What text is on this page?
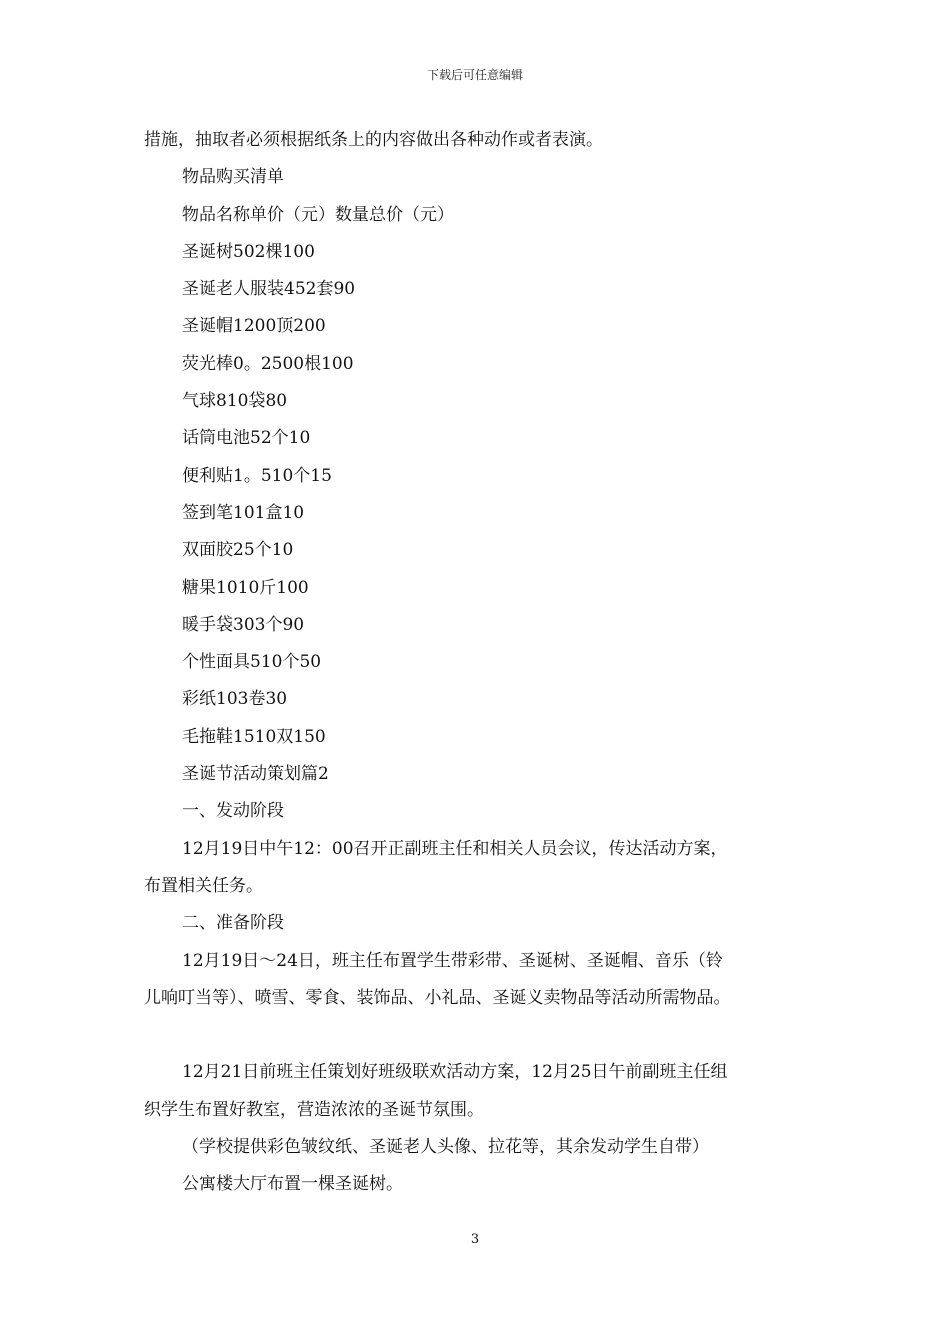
下载后可任意编辑

措施，抽取者必须根据纸条上的内容做出各种动作或者表演。

物品购买清单

物品名称单价（元）数量总价（元）

圣诞树502棵100

圣诞老人服装452套90

圣诞帽1200顶200

荧光棒0。2500根100

气球810袋80

话筒电池52个10

便利贴1。510个15

签到笔101盒10

双面胶25个10

糖果1010斤100

暖手袋303个90

个性面具510个50

彩纸103卷30

毛拖鞋1510双150

圣诞节活动策划篇2

一、发动阶段

12月19日中午12：00召开正副班主任和相关人员会议，传达活动方案，

布置相关任务。

二、准备阶段

12月19日～24日，班主任布置学生带彩带、圣诞树、圣诞帽、音乐（铃

儿响叮当等）、喷雪、零食、装饰品、小礼品、圣诞义卖物品等活动所需物品。

12月21日前班主任策划好班级联欢活动方案，12月25日午前副班主任组

织学生布置好教室，营造浓浓的圣诞节氛围。

（学校提供彩色皱纹纸、圣诞老人头像、拉花等，其余发动学生自带）

公寓楼大厅布置一棵圣诞树。

3
